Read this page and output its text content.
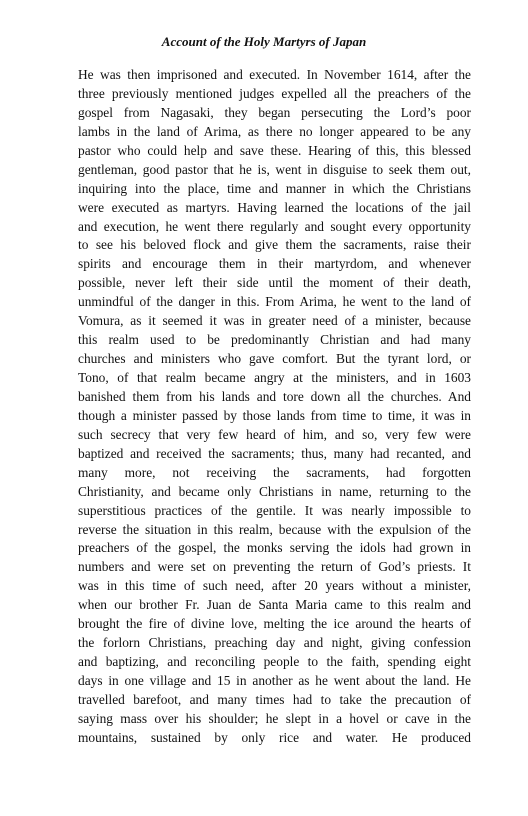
Account of the Holy Martyrs of Japan
He was then imprisoned and executed. In November 1614, after the
three previously mentioned judges expelled all the preachers of the
gospel from Nagasaki, they began persecuting the Lord’s poor
lambs in the land of Arima, as there no longer appeared to be any
pastor who could help and save these. Hearing of this, this blessed
gentleman, good pastor that he is, went in disguise to seek them out,
inquiring into the place, time and manner in which the Christians
were executed as martyrs. Having learned the locations of the jail
and execution, he went there regularly and sought every opportunity
to see his beloved flock and give them the sacraments, raise their
spirits and encourage them in their martyrdom, and whenever
possible, never left their side until the moment of their death,
unmindful of the danger in this. From Arima, he went to the land of
Vomura, as it seemed it was in greater need of a minister, because
this realm used to be predominantly Christian and had many
churches and ministers who gave comfort. But the tyrant lord, or
Tono, of that realm became angry at the ministers, and in 1603
banished them from his lands and tore down all the churches. And
though a minister passed by those lands from time to time, it was in
such secrecy that very few heard of him, and so, very few were
baptized and received the sacraments; thus, many had recanted, and
many more, not receiving the sacraments, had forgotten
Christianity, and became only Christians in name, returning to the
superstitious practices of the gentile. It was nearly impossible to
reverse the situation in this realm, because with the expulsion of the
preachers of the gospel, the monks serving the idols had grown in
numbers and were set on preventing the return of God’s priests. It
was in this time of such need, after 20 years without a minister,
when our brother Fr. Juan de Santa Maria came to this realm and
brought the fire of divine love, melting the ice around the hearts of
the forlorn Christians, preaching day and night, giving confession
and baptizing, and reconciling people to the faith, spending eight
days in one village and 15 in another as he went about the land. He
travelled barefoot, and many times had to take the precaution of
saying mass over his shoulder; he slept in a hovel or cave in the
mountains, sustained by only rice and water. He produced
